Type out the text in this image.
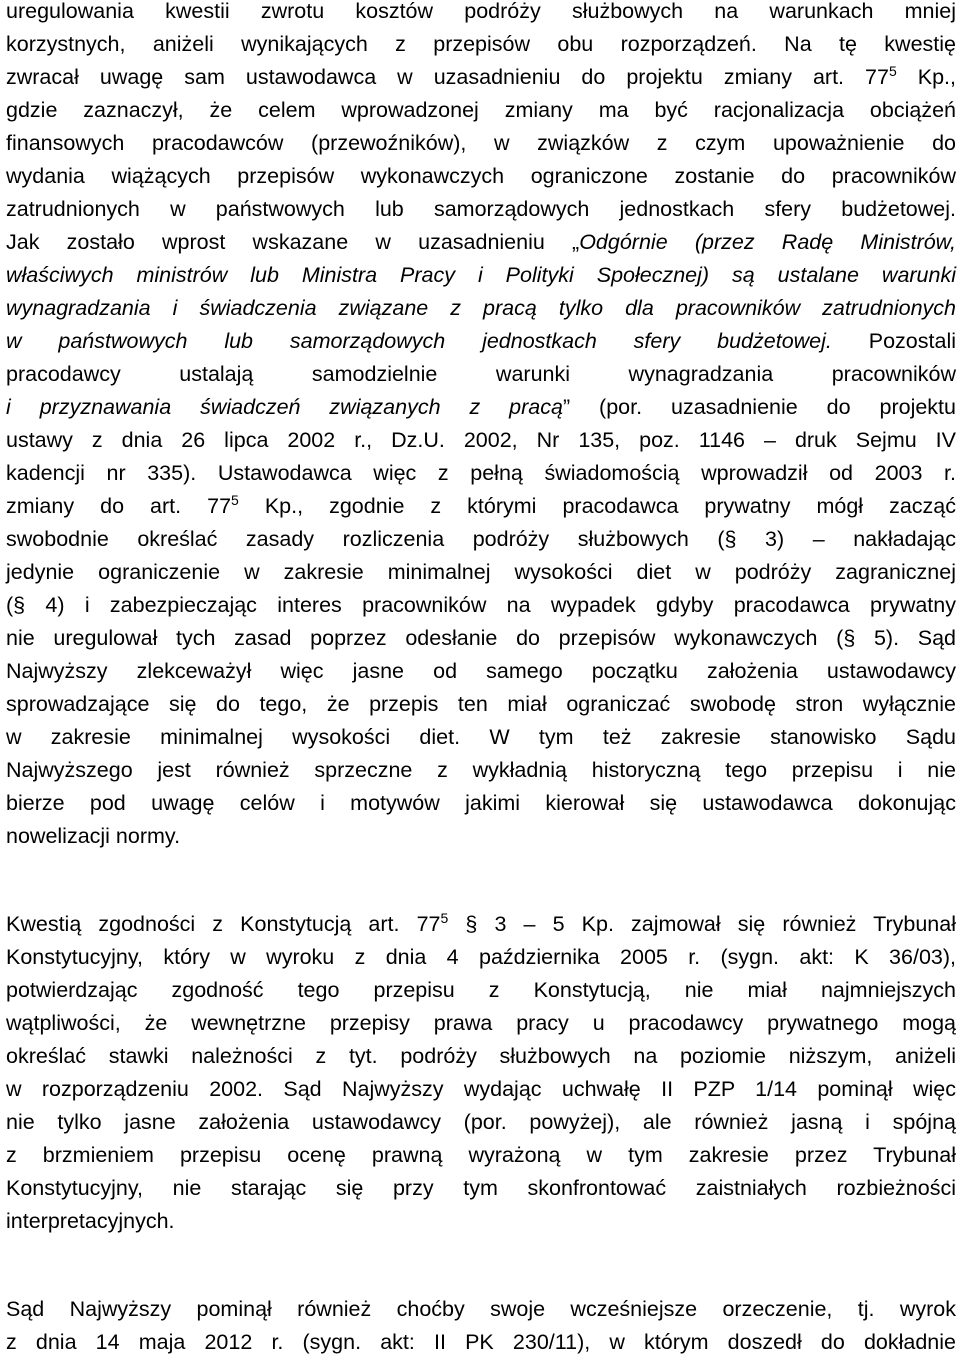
uregulowania kwestii zwrotu kosztów podróży służbowych na warunkach mniej
korzystnych, aniżeli wynikających z przepisów obu rozporządzeń. Na tę kwestię
zwracał uwagę sam ustawodawca w uzasadnieniu do projektu zmiany art. $77^5$ Kp.,
gdzie zaznaczył, że celem wprowadzonej zmiany ma być racjonalizacja obciążeń
finansowych pracodawców (przewoźników), w związków z czym upoważnienie do
wydania wiążących przepisów wykonawczych ograniczone zostanie do pracowników
zatrudnionych w państwowych lub samorządowych jednostkach sfery budżetowej.
Jak zostało wprost wskazane w uzasadnieniu „Odgórnie (przez Radę Ministrów,
właściwych ministrów lub Ministra Pracy i Polityki Społecznej) są ustalane warunki
wynagradzania i świadczenia związane z pracą tylko dla pracowników zatrudnionych
w państwowych lub samorządowych jednostkach sfery budżetowej. Pozostali
pracodawcy ustalają samodzielnie warunki wynagradzania pracowników
i przyznawania świadczeń związanych z pracą” (por. uzasadnienie do projektu
ustawy z dnia 26 lipca 2002 r., Dz.U. 2002, Nr 135, poz. 1146 – druk Sejmu IV
kadencji nr 335). Ustawodawca więc z pełną świadomością wprowadził od 2003 r.
zmiany do art. $77^5$ Kp., zgodnie z którymi pracodawca prywatny mógł zacząć
swobodnie określać zasady rozliczenia podróży służbowych (§ 3) – nakładając
jedynie ograniczenie w zakresie minimalnej wysokości diet w podróży zagranicznej
(§ 4) i zabezpieczając interes pracowników na wypadek gdyby pracodawca prywatny
nie uregulował tych zasad poprzez odesłanie do przepisów wykonawczych (§ 5). Sąd
Najwyższy zlekceważył więc jasne od samego początku założenia ustawodawcy
sprowadzające się do tego, że przepis ten miał ograniczać swobodę stron wyłącznie
w zakresie minimalnej wysokości diet. W tym też zakresie stanowisko Sądu
Najwyższego jest również sprzeczne z wykładnią historyczną tego przepisu i nie
bierze pod uwagę celów i motywów jakimi kierował się ustawodawca dokonując
nowelizacji normy.

Kwestią zgodności z Konstytucją art. $77^5$ § 3 – 5 Kp. zajmował się również Trybunał
Konstytucyjny, który w wyroku z dnia 4 października 2005 r. (sygn. akt: K 36/03),
potwierdzając zgodność tego przepisu z Konstytucją, nie miał najmniejszych
wątpliwości, że wewnętrzne przepisy prawa pracy u pracodawcy prywatnego mogą
określać stawki należności z tyt. podróży służbowych na poziomie niższym, aniżeli
w rozporządzeniu 2002. Sąd Najwyższy wydając uchwałę II PZP 1/14 pominął więc
nie tylko jasne założenia ustawodawcy (por. powyżej), ale również jasną i spójną
z brzmieniem przepisu ocenę prawną wyrażoną w tym zakresie przez Trybunał
Konstytucyjny, nie starając się przy tym skonfrontować zaistniałych rozbieżności
interpretacyjnych.

Sąd Najwyższy pominął również choćby swoje wcześniejsze orzeczenie, tj. wyrok
z dnia 14 maja 2012 r. (sygn. akt: II PK 230/11), w którym doszedł do dokładnie
